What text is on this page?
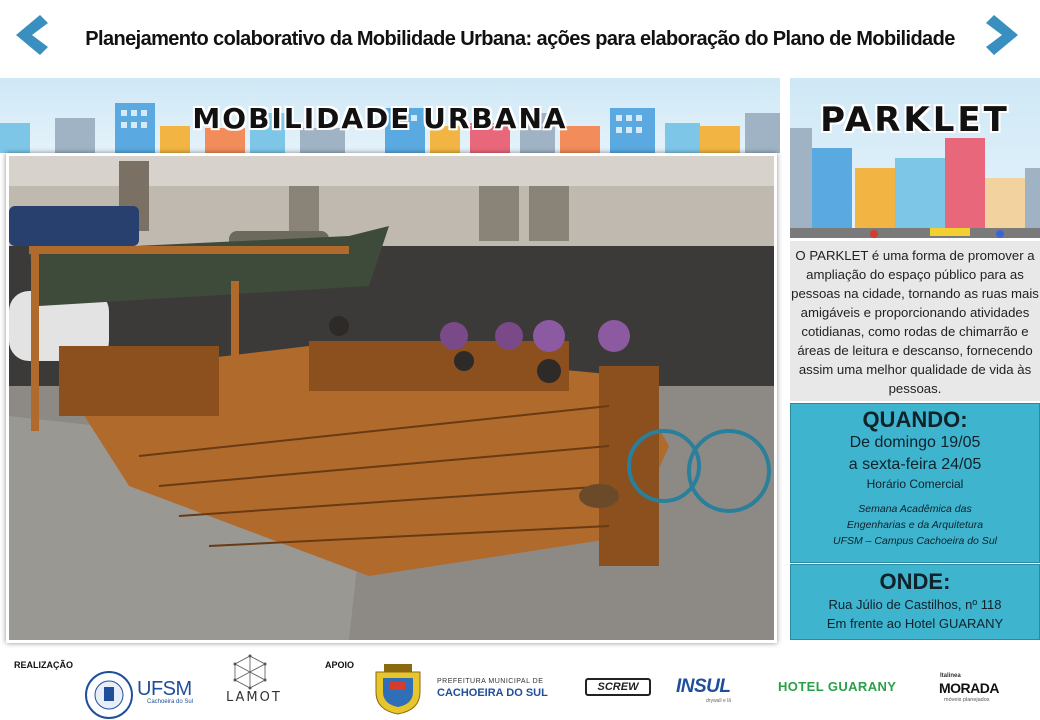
Planejamento colaborativo da Mobilidade Urbana: ações para elaboração do Plano de Mobilidade
MOBILIDADE URBANA	PARKLET
O PARKLET é uma forma de promover a ampliação do espaço público para as pessoas na cidade, tornando as ruas mais amigáveis e proporcionando atividades cotidianas, como rodas de chimarrão e áreas de leitura e descanso, fornecendo assim uma melhor qualidade de vida às pessoas.
QUANDO:
De domingo 19/05
a sexta-feira 24/05
Horário Comercial
Semana Acadêmica das
Engenharias e da Arquitetura
UFSM – Campus Cachoeira do Sul
ONDE:
Rua Júlio de Castilhos, nº 118
Em frente ao Hotel GUARANY
REALIZAÇÃO	APOIO
UFSM
Cachoeira do Sul	LAMOT
PREFEITURA MUNICIPAL DE
CACHOEIRA DO SUL	SCREW	INSUL
drywall e lã
HOTEL GUARANY
Italinea
MORADA
móveis planejados
